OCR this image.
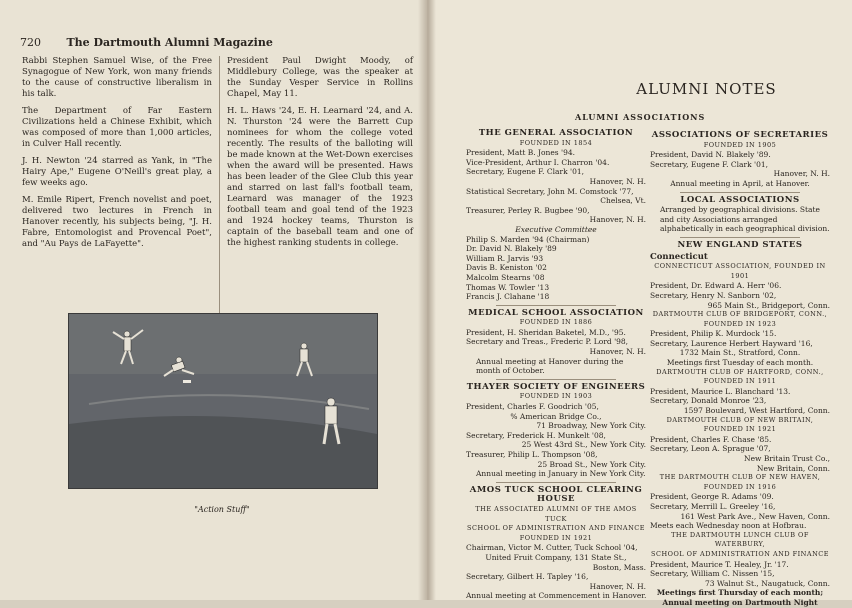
720 The Dartmouth Alumni Magazine

Rabbi Stephen Samuel Wise, of the Free Synagogue of New York, won many friends to the cause of constructive liberalism in his talk.

The Department of Far Eastern Civilizations held a Chinese Exhibit, which was composed of more than 1,000 articles, in Culver Hall recently.

J. H. Newton '24 starred as Yank, in "The Hairy Ape," Eugene O'Neill's great play, a few weeks ago.

M. Emile Ripert, French novelist and poet, delivered two lectures in French in Hanover recently, his subjects being, "J. H. Fabre, Entomologist and Provencal Poet", and "Au Pays de LaFayette".

President Paul Dwight Moody, of Middlebury College, was the speaker at the Sunday Vesper Service in Rollins Chapel, May 11.

H. L. Haws '24, E. H. Learnard '24, and A. N. Thurston '24 were the Barrett Cup nominees for whom the college voted recently. The results of the balloting will be made known at the Wet-Down exercises when the award will be presented. Haws has been leader of the Glee Club this year and starred on last fall's football team, Learnard was manager of the 1923 football team and goal tend of the 1923 and 1924 hockey teams, Thurston is captain of the baseball team and one of the highest ranking students in college.

"Action Stuff"
ALUMNI NOTES
ALUMNI ASSOCIATIONS
THE GENERAL ASSOCIATION
FOUNDED IN 1854
President, Matt B. Jones '94.
Vice-President, Arthur I. Charron '04.
Secretary, Eugene F. Clark '01,
Hanover, N. H.
Statistical Secretary, John M. Comstock '77,
Chelsea, Vt.
Treasurer, Perley R. Bugbee '90,
Hanover, N. H.
Executive Committee
Philip S. Marden '94 (Chairman)
Dr. David N. Blakely '89
William R. Jarvis '93
Davis B. Keniston '02
Malcolm Stearns '08
Thomas W. Towler '13
Francis J. Clahane '18
MEDICAL SCHOOL ASSOCIATION
FOUNDED IN 1886
President, H. Sheridan Baketel, M.D., '95.
Secretary and Treas., Frederic P. Lord '98,
Hanover, N. H.
Annual meeting at Hanover during the month of October.
THAYER SOCIETY OF ENGINEERS
FOUNDED IN 1903
President, Charles F. Goodrich '05,
% American Bridge Co.,
71 Broadway, New York City.
Secretary, Frederick H. Munkelt '08,
25 West 43rd St., New York City.
Treasurer, Philip L. Thompson '08,
25 Broad St., New York City.
Annual meeting in January in New York City.
AMOS TUCK SCHOOL CLEARING
HOUSE
THE ASSOCIATED ALUMNI OF THE AMOS TUCK
SCHOOL OF ADMINISTRATION AND FINANCE
FOUNDED IN 1921
Chairman, Victor M. Cutter, Tuck School '04,
United Fruit Company, 131 State St.,
Boston, Mass.
Secretary, Gilbert H. Tapley '16,
Hanover, N. H.
Annual meeting at Commencement in Hanover.
ASSOCIATIONS OF SECRETARIES
FOUNDED IN 1905
President, David N. Blakely '89.
Secretary, Eugene F. Clark '01,
Hanover, N. H.
Annual meeting in April, at Hanover.
LOCAL ASSOCIATIONS
Arranged by geographical divisions. State and city Associations arranged alphabetically in each geographical division.
NEW ENGLAND STATES
Connecticut
CONNECTICUT ASSOCIATION, FOUNDED IN 1901
President, Dr. Edward A. Herr '06.
Secretary, Henry N. Sanborn '02,
965 Main St., Bridgeport, Conn.
DARTMOUTH CLUB OF BRIDGEPORT, CONN.,
FOUNDED IN 1923
President, Philip K. Murdock '15.
Secretary, Laurence Herbert Hayward '16,
1732 Main St., Stratford, Conn.
Meetings first Tuesday of each month.
DARTMOUTH CLUB OF HARTFORD, CONN.,
FOUNDED IN 1911
President, Maurice L. Blanchard '13.
Secretary, Donald Monroe '23,
1597 Boulevard, West Hartford, Conn.
DARTMOUTH CLUB OF NEW BRITAIN,
FOUNDED IN 1921
President, Charles F. Chase '85.
Secretary, Leon A. Sprague '07,
New Britain Trust Co.,
New Britain, Conn.
THE DARTMOUTH CLUB OF NEW HAVEN,
FOUNDED IN 1916
President, George R. Adams '09.
Secretary, Merrill L. Greeley '16,
161 West Park Ave., New Haven, Conn.
Meets each Wednesday noon at Hofbrau.
THE DARTMOUTH LUNCH CLUB OF WATERBURY,
SCHOOL OF ADMINISTRATION AND FINANCE
President, Maurice T. Healey, Jr. '17.
Secretary, William C. Nissen '15,
73 Walnut St., Naugatuck, Conn.
Meetings first Thursday of each month;
Annual meeting on Dartmouth Night
